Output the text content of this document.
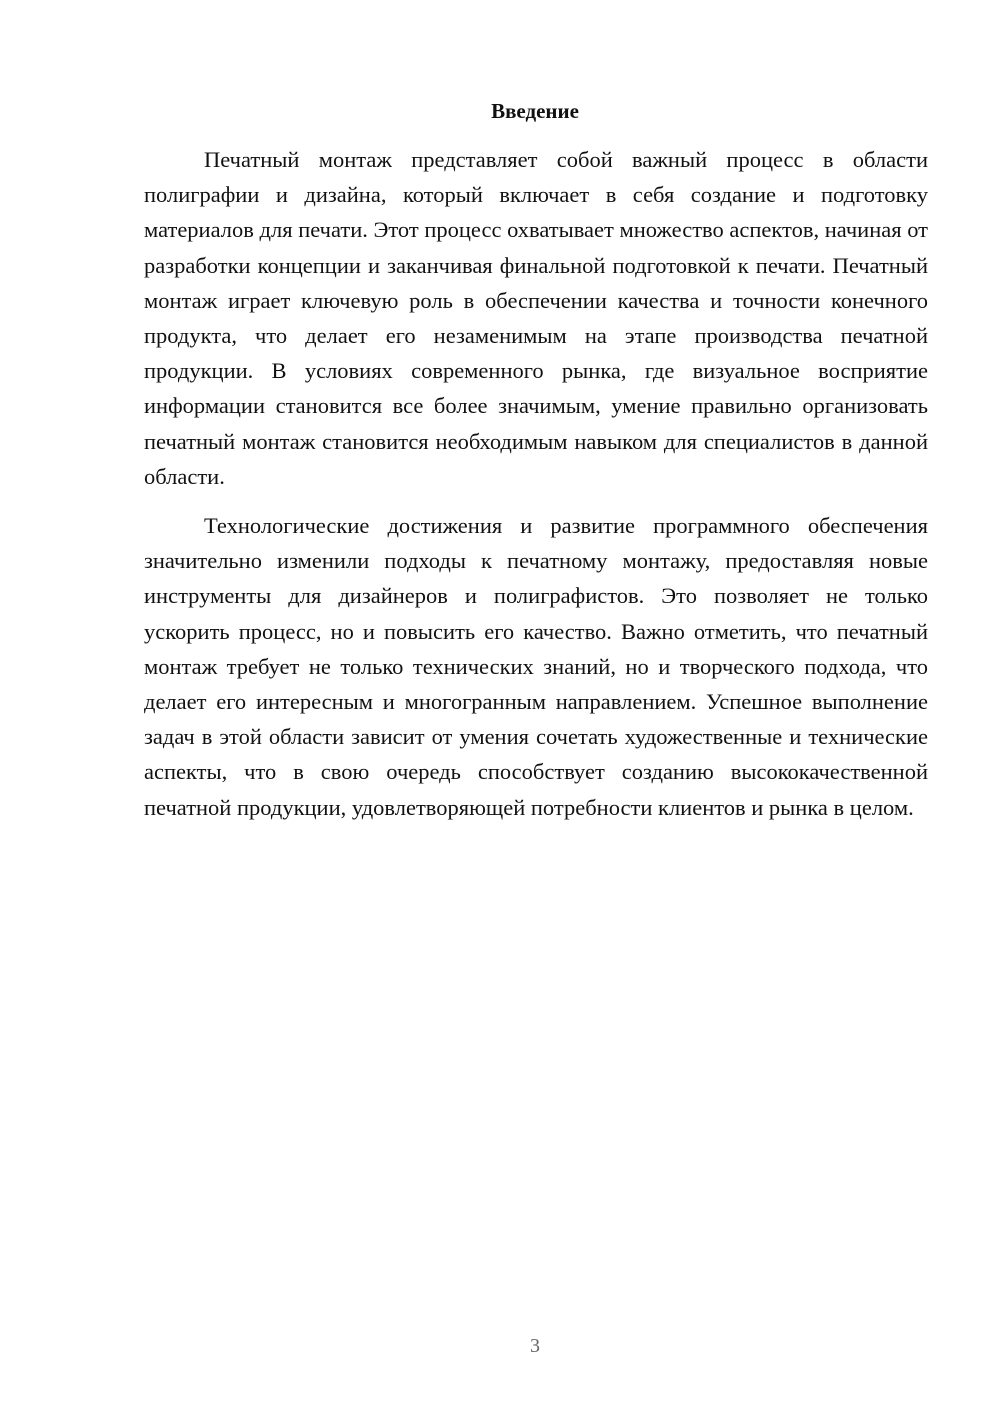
Введение

Печатный монтаж представляет собой важный процесс в области полиграфии и дизайна, который включает в себя создание и подготовку материалов для печати. Этот процесс охватывает множество аспектов, начиная от разработки концепции и заканчивая финальной подготовкой к печати. Печатный монтаж играет ключевую роль в обеспечении качества и точности конечного продукта, что делает его незаменимым на этапе производства печатной продукции. В условиях современного рынка, где визуальное восприятие информации становится все более значимым, умение правильно организовать печатный монтаж становится необходимым навыком для специалистов в данной области.

Технологические достижения и развитие программного обеспечения значительно изменили подходы к печатному монтажу, предоставляя новые инструменты для дизайнеров и полиграфистов. Это позволяет не только ускорить процесс, но и повысить его качество. Важно отметить, что печатный монтаж требует не только технических знаний, но и творческого подхода, что делает его интересным и многогранным направлением. Успешное выполнение задач в этой области зависит от умения сочетать художественные и технические аспекты, что в свою очередь способствует созданию высококачественной печатной продукции, удовлетворяющей потребности клиентов и рынка в целом.

3
